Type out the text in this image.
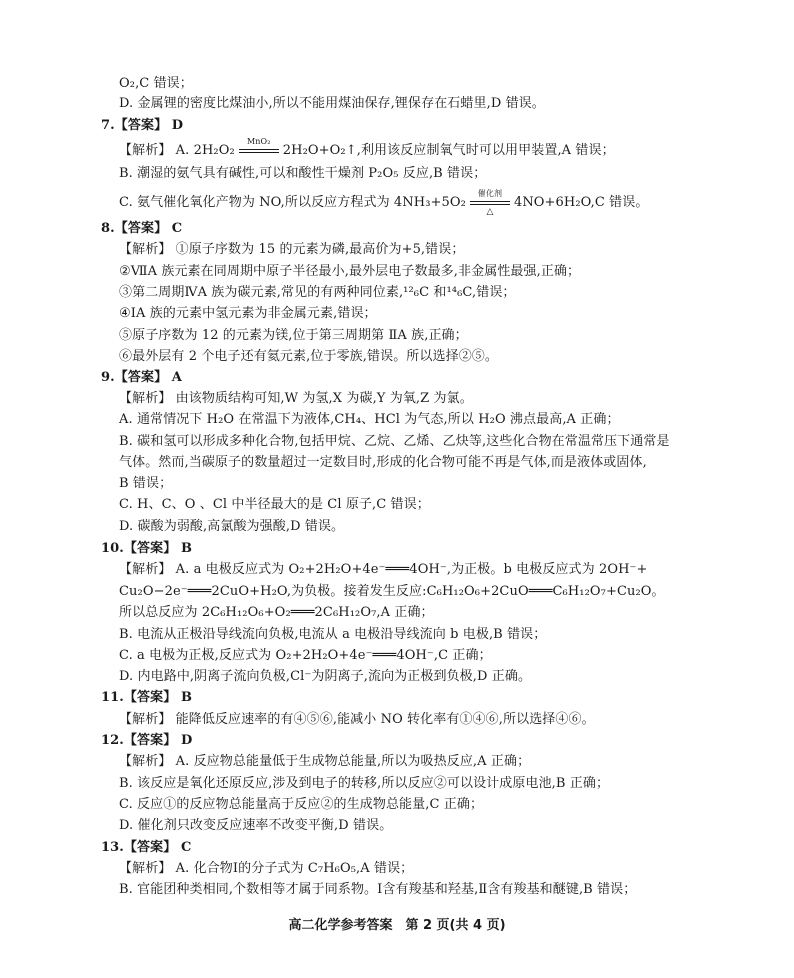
O₂,C 错误；
D. 金属锂的密度比煤油小,所以不能用煤油保存,锂保存在石蜡里,D 错误。
7.【答案】 D
【解析】 A. 2H₂O₂
MnO₂
2H₂O+O₂↑,利用该反应制氧气时可以用甲装置,A 错误；
B. 潮湿的氨气具有碱性,可以和酸性干燥剂 P₂O₅ 反应,B 错误；
C. 氨气催化氧化产物为 NO,所以反应方程式为 4NH₃+5O₂
催化剂
△
4NO+6H₂O,C 错误。
8.【答案】 C
【解析】 ①原子序数为 15 的元素为磷,最高价为+5,错误；
②ⅦA 族元素在同周期中原子半径最小,最外层电子数最多,非金属性最强,正确；
③第二周期ⅣA 族为碳元素,常见的有两种同位素,¹²₆C 和¹⁴₆C,错误；
④ⅠA 族的元素中氢元素为非金属元素,错误；
⑤原子序数为 12 的元素为镁,位于第三周期第 ⅡA 族,正确；
⑥最外层有 2 个电子还有氦元素,位于零族,错误。所以选择②⑤。
9.【答案】 A
【解析】 由该物质结构可知,W 为氢,X 为碳,Y 为氧,Z 为氯。
A. 通常情况下 H₂O 在常温下为液体,CH₄、HCl 为气态,所以 H₂O 沸点最高,A 正确；
B. 碳和氢可以形成多种化合物,包括甲烷、乙烷、乙烯、乙炔等,这些化合物在常温常压下通常是
气体。然而,当碳原子的数量超过一定数目时,形成的化合物可能不再是气体,而是液体或固体,
B 错误；
C. H、C、O 、Cl 中半径最大的是 Cl 原子,C 错误；
D. 碳酸为弱酸,高氯酸为强酸,D 错误。
10.【答案】 B
【解析】 A. a 电极反应式为 O₂+2H₂O+4e⁻═══4OH⁻,为正极。b 电极反应式为 2OH⁻+
Cu₂O−2e⁻═══2CuO+H₂O,为负极。接着发生反应:C₆H₁₂O₆+2CuO═══C₆H₁₂O₇+Cu₂O。
所以总反应为 2C₆H₁₂O₆+O₂═══2C₆H₁₂O₇,A 正确；
B. 电流从正极沿导线流向负极,电流从 a 电极沿导线流向 b 电极,B 错误；
C. a 电极为正极,反应式为 O₂+2H₂O+4e⁻═══4OH⁻,C 正确；
D. 内电路中,阴离子流向负极,Cl⁻为阴离子,流向为正极到负极,D 正确。
11.【答案】 B
【解析】 能降低反应速率的有④⑤⑥,能减小 NO 转化率有①④⑥,所以选择④⑥。
12.【答案】 D
【解析】 A. 反应物总能量低于生成物总能量,所以为吸热反应,A 正确；
B. 该反应是氧化还原反应,涉及到电子的转移,所以反应②可以设计成原电池,B 正确；
C. 反应①的反应物总能量高于反应②的生成物总能量,C 正确；
D. 催化剂只改变反应速率不改变平衡,D 错误。
13.【答案】 C
【解析】 A. 化合物Ⅰ的分子式为 C₇H₆O₅,A 错误；
B. 官能团种类相同,个数相等才属于同系物。Ⅰ含有羧基和羟基,Ⅱ含有羧基和醚键,B 错误；
高二化学参考答案　第 2 页(共 4 页)
